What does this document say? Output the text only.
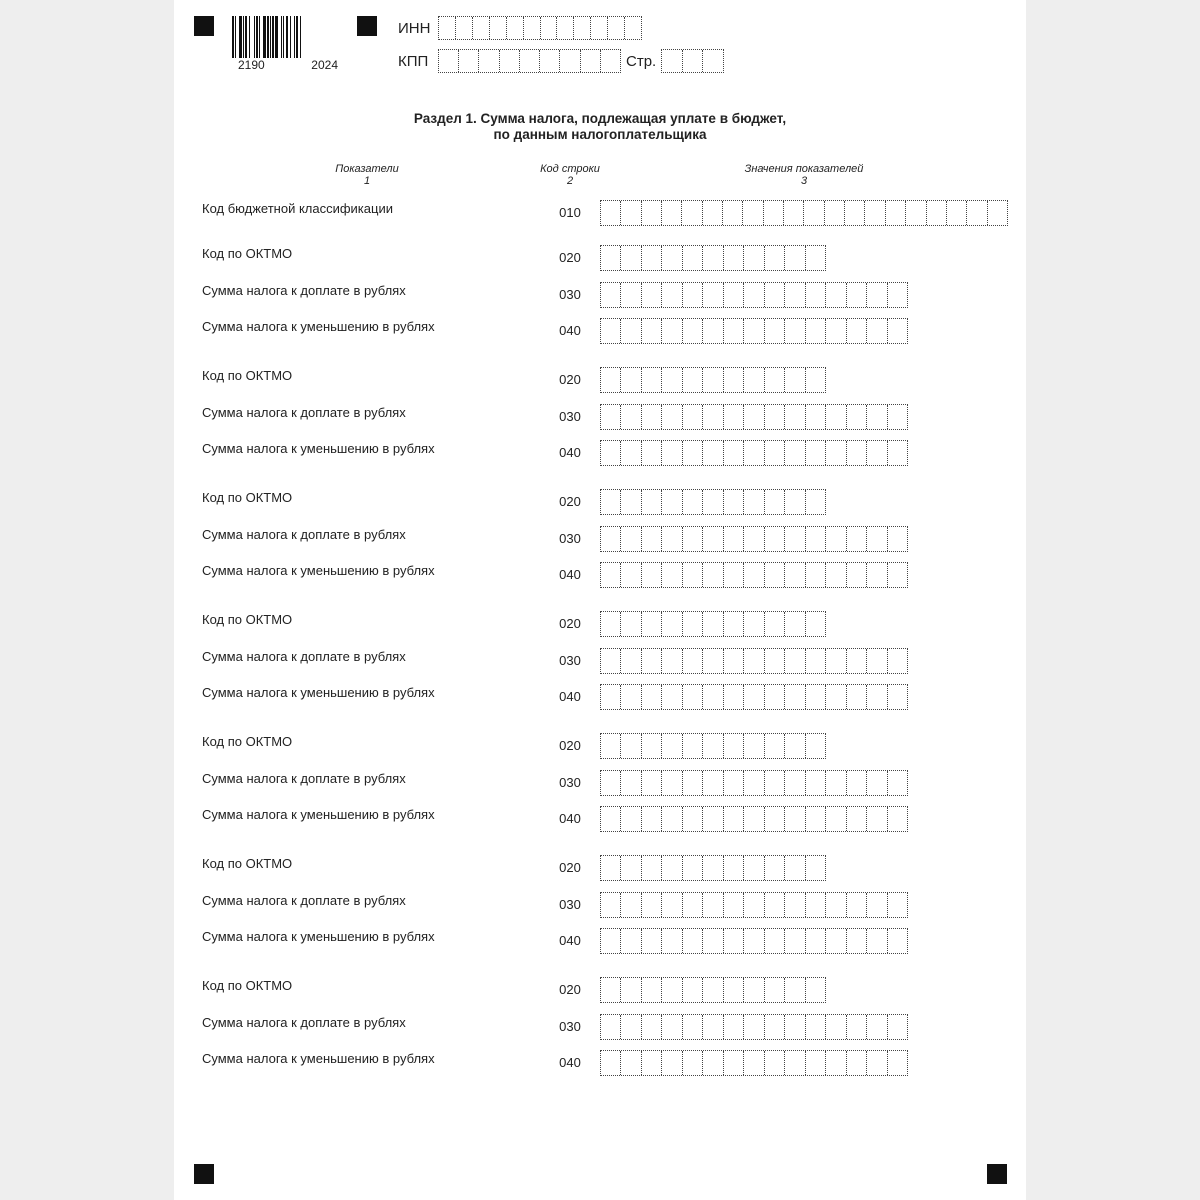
2190	2024
ИНН
КПП	Стр.
Раздел 1. Сумма налога, подлежащая уплате в бюджет,
по данным налогоплательщика
Показатели
1
Код строки
2
Значения показателей
3
Код бюджетной классификации	010
Код по ОКТМО	020
Сумма налога к доплате в рублях	030
Сумма налога к уменьшению в рублях	040
Код по ОКТМО	020
Сумма налога к доплате в рублях	030
Сумма налога к уменьшению в рублях	040
Код по ОКТМО	020
Сумма налога к доплате в рублях	030
Сумма налога к уменьшению в рублях	040
Код по ОКТМО	020
Сумма налога к доплате в рублях	030
Сумма налога к уменьшению в рублях	040
Код по ОКТМО	020
Сумма налога к доплате в рублях	030
Сумма налога к уменьшению в рублях	040
Код по ОКТМО	020
Сумма налога к доплате в рублях	030
Сумма налога к уменьшению в рублях	040
Код по ОКТМО	020
Сумма налога к доплате в рублях	030
Сумма налога к уменьшению в рублях	040
